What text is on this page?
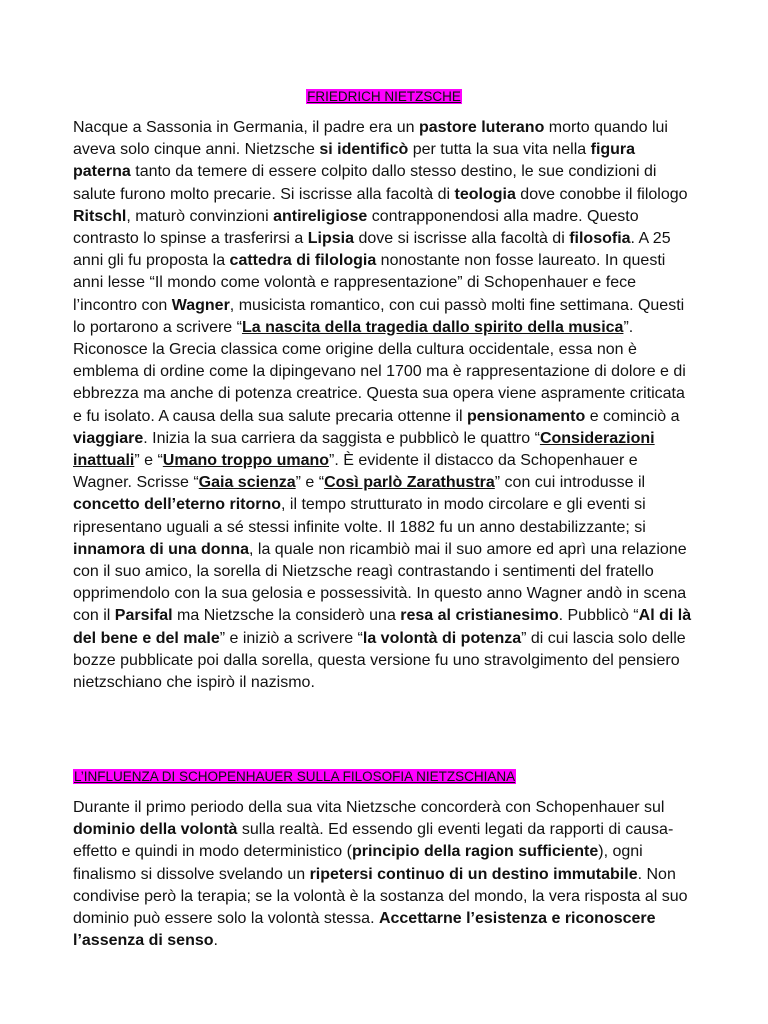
FRIEDRICH NIETZSCHE
Nacque a Sassonia in Germania, il padre era un pastore luterano morto quando lui aveva solo cinque anni. Nietzsche si identificò per tutta la sua vita nella figura paterna tanto da temere di essere colpito dallo stesso destino, le sue condizioni di salute furono molto precarie. Si iscrisse alla facoltà di teologia dove conobbe il filologo Ritschl, maturò convinzioni antireligiose contrapponendosi alla madre. Questo contrasto lo spinse a trasferirsi a Lipsia dove si iscrisse alla facoltà di filosofia. A 25 anni gli fu proposta la cattedra di filologia nonostante non fosse laureato. In questi anni lesse “Il mondo come volontà e rappresentazione” di Schopenhauer e fece l’incontro con Wagner, musicista romantico, con cui passò molti fine settimana. Questi lo portarono a scrivere “La nascita della tragedia dallo spirito della musica”. Riconosce la Grecia classica come origine della cultura occidentale, essa non è emblema di ordine come la dipingevano nel 1700 ma è rappresentazione di dolore e di ebbrezza ma anche di potenza creatrice. Questa sua opera viene aspramente criticata e fu isolato. A causa della sua salute precaria ottenne il pensionamento e cominciò a viaggiare. Inizia la sua carriera da saggista e pubblicò le quattro “Considerazioni inattuali” e “Umano troppo umano”. È evidente il distacco da Schopenhauer e Wagner. Scrisse “Gaia scienza” e “Così parlò Zarathustra” con cui introdusse il concetto dell’eterno ritorno, il tempo strutturato in modo circolare e gli eventi si ripresentano uguali a sé stessi infinite volte. Il 1882 fu un anno destabilizzante; si innamora di una donna, la quale non ricambiò mai il suo amore ed aprì una relazione con il suo amico, la sorella di Nietzsche reagì contrastando i sentimenti del fratello opprimendolo con la sua gelosia e possessività. In questo anno Wagner andò in scena con il Parsifal ma Nietzsche la considerò una resa al cristianesimo. Pubblicò “Al di là del bene e del male” e iniziò a scrivere “la volontà di potenza” di cui lascia solo delle bozze pubblicate poi dalla sorella, questa versione fu uno stravolgimento del pensiero nietzschiano che ispirò il nazismo.
L’INFLUENZA DI SCHOPENHAUER SULLA FILOSOFIA NIETZSCHIANA
Durante il primo periodo della sua vita Nietzsche concorderà con Schopenhauer sul dominio della volontà sulla realtà. Ed essendo gli eventi legati da rapporti di causa-effetto e quindi in modo deterministico (principio della ragion sufficiente), ogni finalismo si dissolve svelando un ripetersi continuo di un destino immutabile. Non condivise però la terapia; se la volontà è la sostanza del mondo, la vera risposta al suo dominio può essere solo la volontà stessa. Accettarne l’esistenza e riconoscere l’assenza di senso.
